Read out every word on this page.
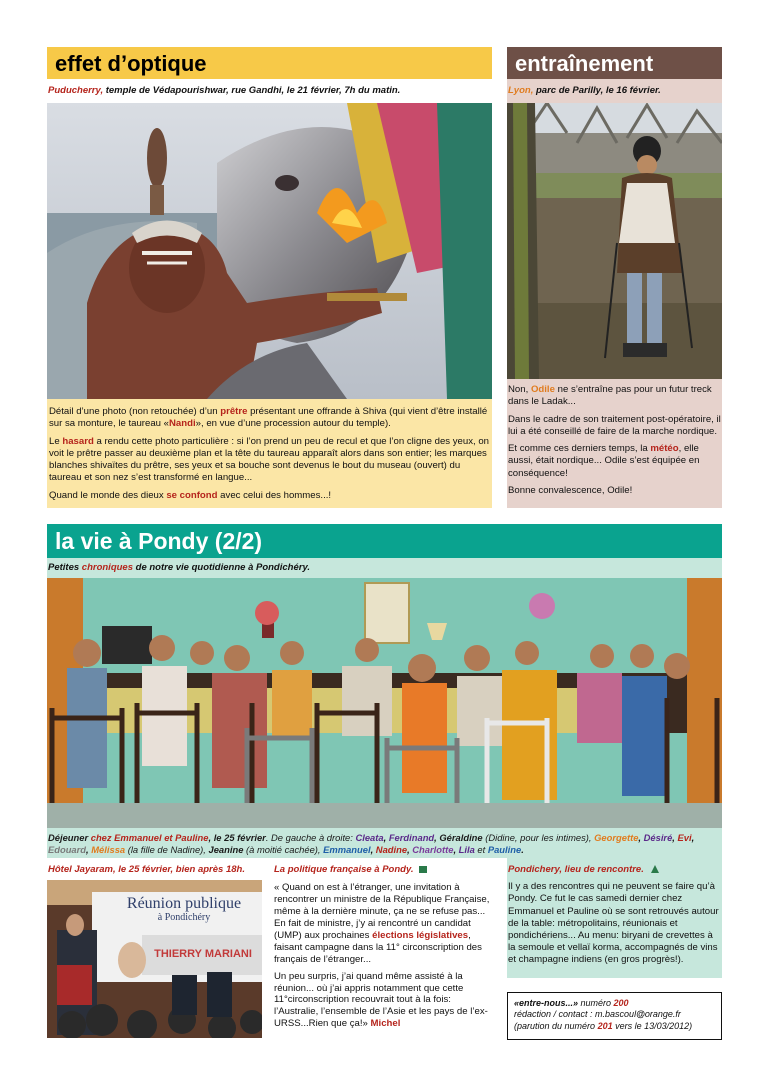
effet d’optique
Puducherry, temple de Védapourishwar, rue Gandhi, le 21 février, 7h du matin.

Détail d’une photo (non retouchée) d’un prêtre présentant une offrande à Shiva (qui vient d’être installé sur sa monture, le taureau «Nandi», en vue d’une procession autour du temple).

Le hasard a rendu cette photo particulière : si l’on prend un peu de recul et que l’on cligne des yeux, on voit le prêtre passer au deuxième plan et la tête du taureau apparaît alors dans son entier; les marques blanches shivaïtes du prêtre, ses yeux et sa bouche sont devenus le bout du museau (ouvert) du taureau et son nez s’est transformé en langue...

Quand le monde des dieux se confond avec celui des hommes...!

entraînement
Lyon, parc de Parilly, le 16 février.

Non, Odile ne s’entraîne pas pour un futur treck dans le Ladak...

Dans le cadre de son traitement post-opératoire, il lui a été conseillé de faire de la marche nordique.

Et comme ces derniers temps, la météo, elle aussi, était nordique... Odile s’est équipée en conséquence!

Bonne convalescence, Odile!

la vie à Pondy (2/2)
Petites chroniques de notre vie quotidienne à Pondichéry.
Déjeuner chez Emmanuel et Pauline, le 25 février. De gauche à droite: Cleata, Ferdinand, Géraldine (Didine, pour les intimes), Georgette, Désiré, Evi, Edouard, Mélissa (la fille de Nadine), Jeanine (à moitié cachée), Emmanuel, Nadine, Charlotte, Lila et Pauline.
Hôtel Jayaram, le 25 février, bien après 18h.
Réunion publique
à Pondichéry
THIERRY MARIANI
La politique française à Pondy.

« Quand on est à l’étranger, une invitation à rencontrer un ministre de la République Française, même à la dernière minute, ça ne se refuse pas... En fait de ministre, j’y ai rencontré un candidat (UMP) aux prochaines élections législatives, faisant campagne dans la 11° circonscription des français de l’étranger...

Un peu surpris, j’ai quand même assisté à la réunion... où j’ai appris notamment que cette 11°circonscription recouvrait tout à la fois: l’Australie, l’ensemble de l’Asie et les pays de l’ex-URSS...Rien que ça!» Michel

Pondichery, lieu de rencontre.

Il y a des rencontres qui ne peuvent se faire qu’à Pondy. Ce fut le cas samedi dernier chez Emmanuel et Pauline où se sont retrouvés autour de la table: métropolitains, réunionais et pondichériens... Au menu: biryani de crevettes à la semoule et vellaï korma, accompagnés de vins et champagne indiens (en gros progrès!).

«entre-nous...» numéro 200
rédaction / contact : m.bascoul@orange.fr
(parution du numéro 201 vers le 13/03/2012)
